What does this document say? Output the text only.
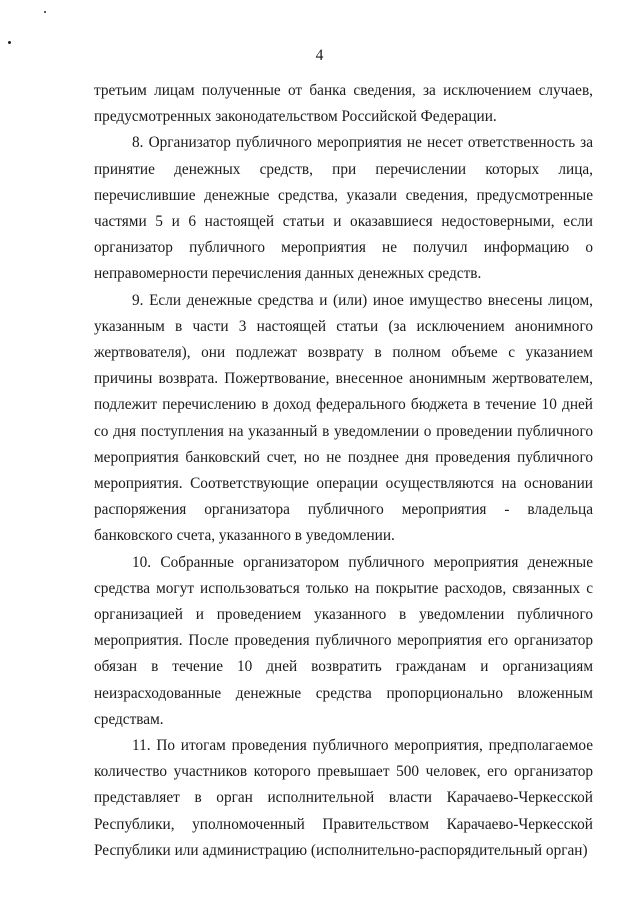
4

третьим лицам полученные от банка сведения, за исключением случаев, предусмотренных законодательством Российской Федерации.

8. Организатор публичного мероприятия не несет ответственность за принятие денежных средств, при перечислении которых лица, перечислившие денежные средства, указали сведения, предусмотренные частями 5 и 6 настоящей статьи и оказавшиеся недостоверными, если организатор публичного мероприятия не получил информацию о неправомерности перечисления данных денежных средств.

9. Если денежные средства и (или) иное имущество внесены лицом, указанным в части 3 настоящей статьи (за исключением анонимного жертвователя), они подлежат возврату в полном объеме с указанием причины возврата. Пожертвование, внесенное анонимным жертвователем, подлежит перечислению в доход федерального бюджета в течение 10 дней со дня поступления на указанный в уведомлении о проведении публичного мероприятия банковский счет, но не позднее дня проведения публичного мероприятия. Соответствующие операции осуществляются на основании распоряжения организатора публичного мероприятия - владельца банковского счета, указанного в уведомлении.

10. Собранные организатором публичного мероприятия денежные средства могут использоваться только на покрытие расходов, связанных с организацией и проведением указанного в уведомлении публичного мероприятия. После проведения публичного мероприятия его организатор обязан в течение 10 дней возвратить гражданам и организациям неизрасходованные денежные средства пропорционально вложенным средствам.

11. По итогам проведения публичного мероприятия, предполагаемое количество участников которого превышает 500 человек, его организатор представляет в орган исполнительной власти Карачаево-Черкесской Республики, уполномоченный Правительством Карачаево-Черкесской Республики или администрацию (исполнительно-распорядительный орган)
